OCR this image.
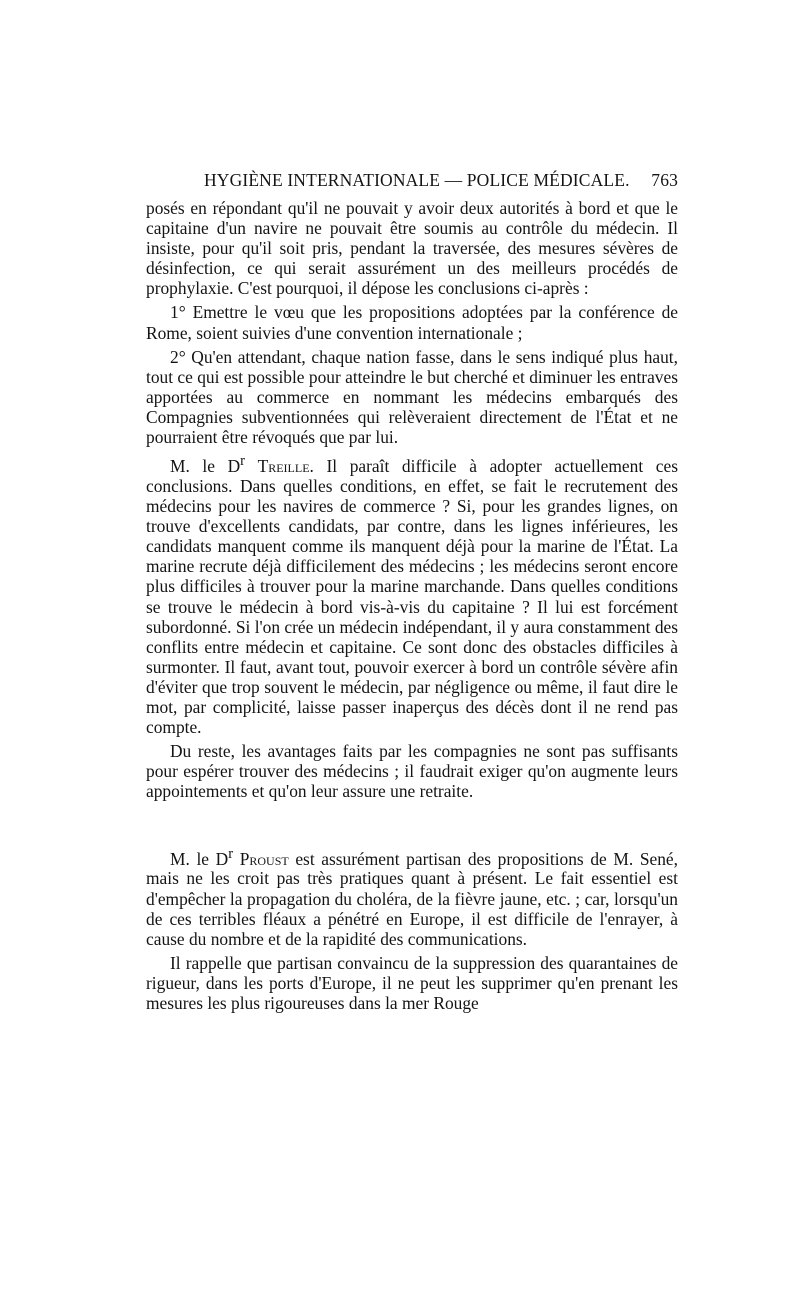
HYGIÈNE INTERNATIONALE — POLICE MÉDICALE. 763

posés en répondant qu'il ne pouvait y avoir deux autorités à bord et que le capitaine d'un navire ne pouvait être soumis au contrôle du médecin. Il insiste, pour qu'il soit pris, pendant la traversée, des mesures sévères de désinfection, ce qui serait assurément un des meilleurs procédés de prophylaxie. C'est pourquoi, il dépose les conclusions ci-après :

1° Emettre le vœu que les propositions adoptées par la conférence de Rome, soient suivies d'une convention internationale ;

2° Qu'en attendant, chaque nation fasse, dans le sens indiqué plus haut, tout ce qui est possible pour atteindre le but cherché et diminuer les entraves apportées au commerce en nommant les médecins embarqués des Compagnies subventionnées qui relèveraient directement de l'État et ne pourraient être révoqués que par lui.

M. le $D^r$ Treille. Il paraît difficile à adopter actuellement ces conclusions. Dans quelles conditions, en effet, se fait le recrutement des médecins pour les navires de commerce ? Si, pour les grandes lignes, on trouve d'excellents candidats, par contre, dans les lignes inférieures, les candidats manquent comme ils manquent déjà pour la marine de l'État. La marine recrute déjà difficilement des médecins ; les médecins seront encore plus difficiles à trouver pour la marine marchande. Dans quelles conditions se trouve le médecin à bord vis-à-vis du capitaine ? Il lui est forcément subordonné. Si l'on crée un médecin indépendant, il y aura constamment des conflits entre médecin et capitaine. Ce sont donc des obstacles difficiles à surmonter. Il faut, avant tout, pouvoir exercer à bord un contrôle sévère afin d'éviter que trop souvent le médecin, par négligence ou même, il faut dire le mot, par complicité, laisse passer inaperçus des décès dont il ne rend pas compte.

Du reste, les avantages faits par les compagnies ne sont pas suffisants pour espérer trouver des médecins ; il faudrait exiger qu'on augmente leurs appointements et qu'on leur assure une retraite.

M. le $D^r$ Proust est assurément partisan des propositions de M. Sené, mais ne les croit pas très pratiques quant à présent. Le fait essentiel est d'empêcher la propagation du choléra, de la fièvre jaune, etc. ; car, lorsqu'un de ces terribles fléaux a pénétré en Europe, il est difficile de l'enrayer, à cause du nombre et de la rapidité des communications.

Il rappelle que partisan convaincu de la suppression des quarantaines de rigueur, dans les ports d'Europe, il ne peut les supprimer qu'en prenant les mesures les plus rigoureuses dans la mer Rouge
